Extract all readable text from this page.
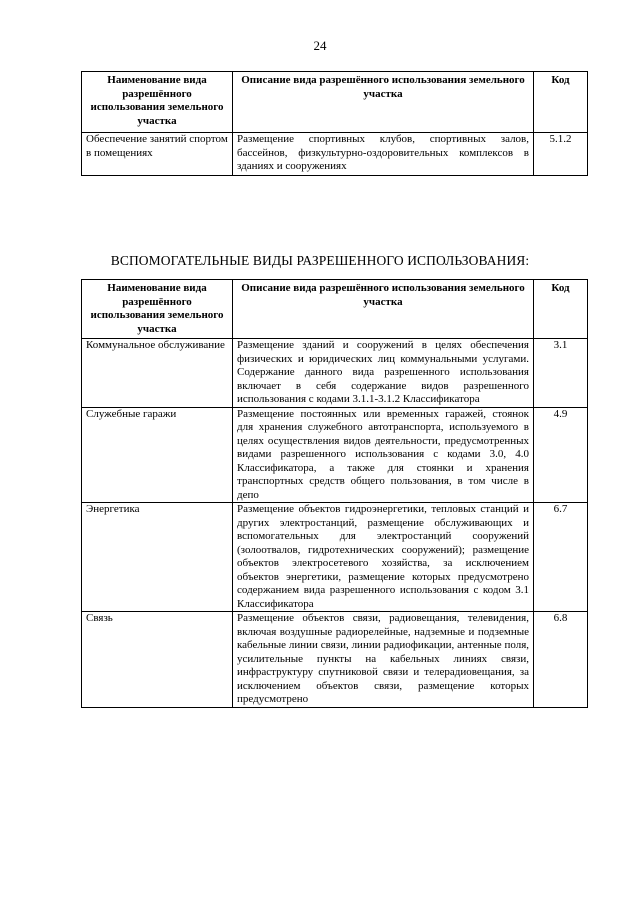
24
Наименование вида разрешённого использования земельного участка	Описание вида разрешённого использования земельного участка	Код
Обеспечение занятий спортом в помещениях	Размещение спортивных клубов, спортивных залов, бассейнов, физкультурно-оздоровительных комплексов в зданиях и сооружениях	5.1.2
ВСПОМОГАТЕЛЬНЫЕ ВИДЫ РАЗРЕШЕННОГО ИСПОЛЬЗОВАНИЯ:
Наименование вида разрешённого использования земельного участка	Описание вида разрешённого использования земельного участка	Код
Коммунальное обслуживание	Размещение зданий и сооружений в целях обеспечения физических и юридических лиц коммунальными услугами. Содержание данного вида разрешенного использования включает в себя содержание видов разрешенного использования с кодами 3.1.1-3.1.2 Классификатора	3.1
Служебные гаражи	Размещение постоянных или временных гаражей, стоянок для хранения служебного автотранспорта, используемого в целях осуществления видов деятельности, предусмотренных видами разрешенного использования с кодами 3.0, 4.0 Классификатора, а также для стоянки и хранения транспортных средств общего пользования, в том числе в депо	4.9
Энергетика	Размещение объектов гидроэнергетики, тепловых станций и других электростанций, размещение обслуживающих и вспомогательных для электростанций сооружений (золоотвалов, гидротехнических сооружений); размещение объектов электросетевого хозяйства, за исключением объектов энергетики, размещение которых предусмотрено содержанием вида разрешенного использования с кодом 3.1 Классификатора	6.7
Связь	Размещение объектов связи, радиовещания, телевидения, включая воздушные радиорелейные, надземные и подземные кабельные линии связи, линии радиофикации, антенные поля, усилительные пункты на кабельных линиях связи, инфраструктуру спутниковой связи и телерадиовещания, за исключением объектов связи, размещение которых предусмотрено	6.8
